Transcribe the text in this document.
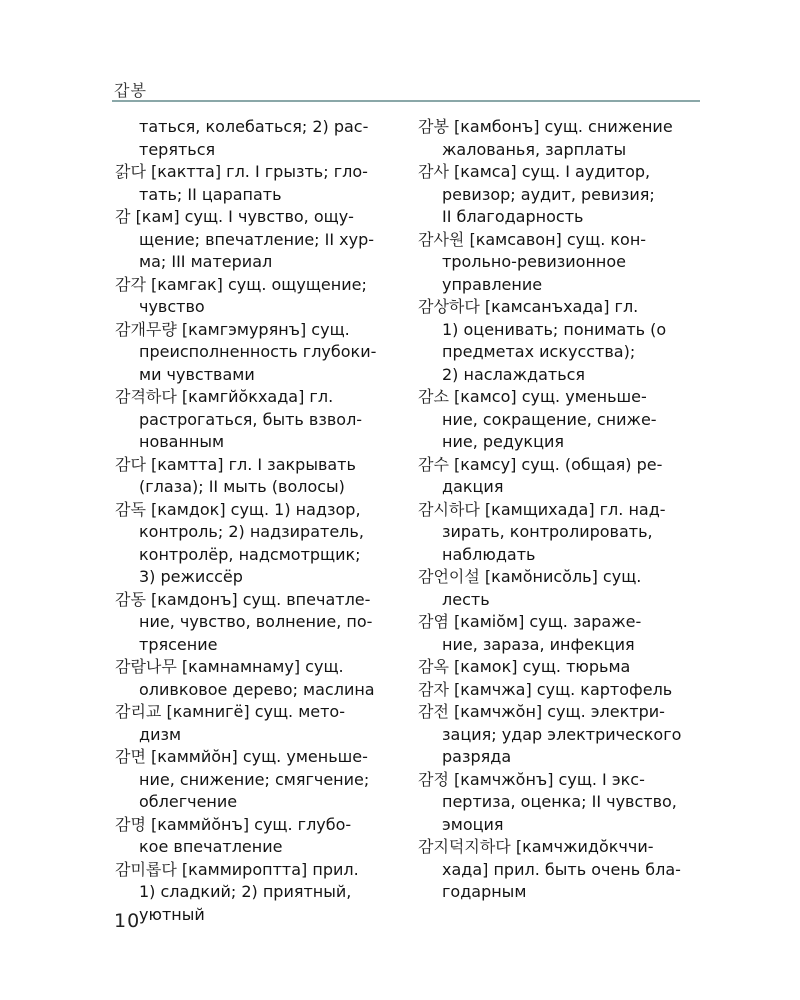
갑봉
таться, колебаться; 2) рас-
теряться
갉다 [кактта] гл. I грызть; гло-
тать; II царапать
감 [кам] сущ. I чувство, ощу-
щение; впечатление; II хур-
ма; III материал
감각 [камгак] сущ. ощущение;
чувство
감개무량 [камгэмурянъ] сущ.
преисполненность глубоки-
ми чувствами
감격하다 [камгйŏкхада] гл.
растрогаться, быть взвол-
нованным
감다 [камтта] гл. I закрывать
(глаза); II мыть (волосы)
감독 [камдок] сущ. 1) надзор,
контроль; 2) надзиратель,
контролёр, надсмотрщик;
3) режиссёр
감동 [камдонъ] сущ. впечатле-
ние, чувство, волнение, по-
трясение
감람나무 [камнамнаму] сущ.
оливковое дерево; маслина
감리교 [камнигё] сущ. мето-
дизм
감면 [каммйŏн] сущ. уменьше-
ние, снижение; смягчение;
облегчение
감명 [каммйŏнъ] сущ. глубо-
кое впечатление
감미롭다 [каммироптта] прил.
1) сладкий; 2) приятный,
уютный
감봉 [камбонъ] сущ. снижение
жалованья, зарплаты
감사 [камса] сущ. I аудитор,
ревизор; аудит, ревизия;
II благодарность
감사원 [камсавон] сущ. кон-
трольно-ревизионное
управление
감상하다 [камсанъхада] гл.
1) оценивать; понимать (о
предметах искусства);
2) наслаждаться
감소 [камсо] сущ. уменьше-
ние, сокращение, сниже-
ние, редукция
감수 [камсу] сущ. (общая) ре-
дакция
감시하다 [камщихада] гл. над-
зирать, контролировать,
наблюдать
감언이설 [камŏнисŏль] сущ.
лесть
감염 [каміŏм] сущ. зараже-
ние, зараза, инфекция
감옥 [камок] сущ. тюрьма
감자 [камчжа] сущ. картофель
감전 [камчжŏн] сущ. электри-
зация; удар электрического
разряда
감정 [камчжŏнъ] сущ. I экс-
пертиза, оценка; II чувство,
эмоция
감지덕지하다 [камчжидŏкччи-
хада] прил. быть очень бла-
годарным
10
